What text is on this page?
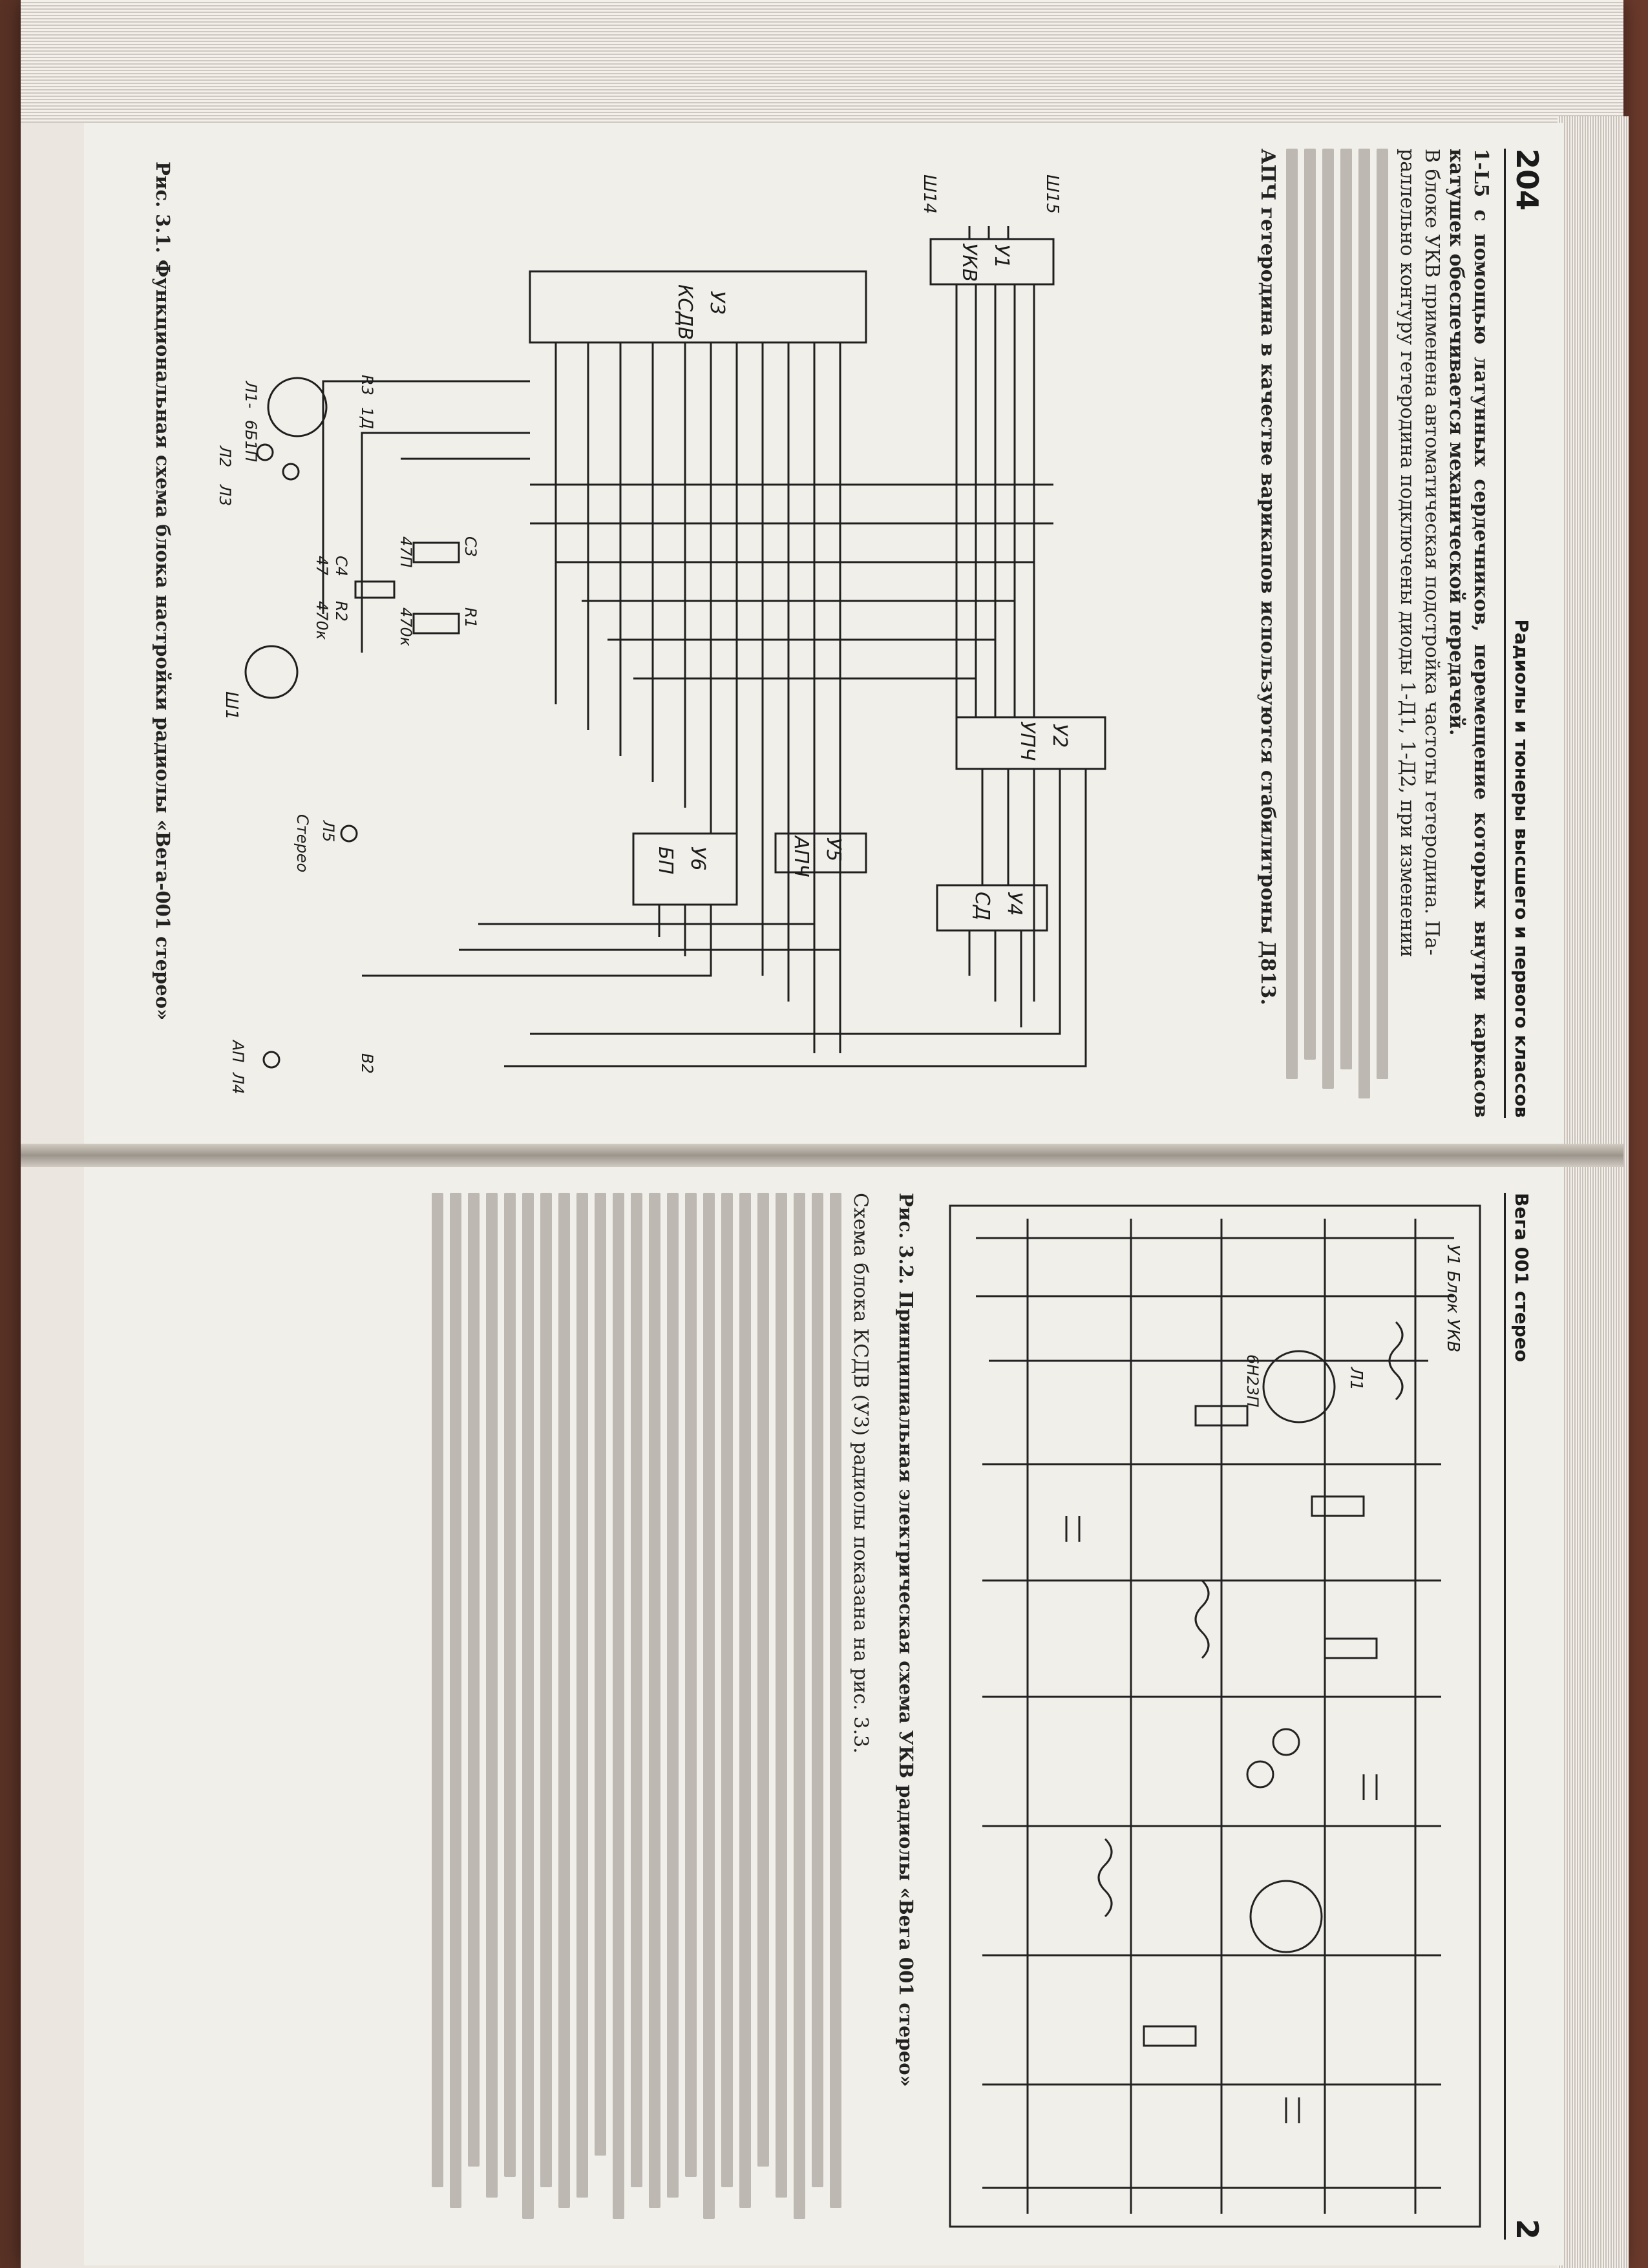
204
Радиолы и тюнеры высшего и первого классов
1-L5 с помощью латунных сердечников, перемещение которых внутри каркасов катушек обеспечивается механической передачей.
В блоке УКВ применена автоматическая подстройка частоты гетеродина. Па-
раллельно контуру гетеродина подключены диоды 1-Д1, 1-Д2, при изменении
АПЧ гетеродина в качестве варикапов используются стабилитроны Д813.
У1
УКВ
У3
КСДВ
У2
УПЧ
У4
СД
У5
АПЧ
У6
БП
Ш15
Ш14
Ш1
R3
1Д
Л1-
6Б1П
Л2
Л3
С3
47П
R1
470к
С4
47
R2
470к
Л5
Стерео
АП
Л4
В2
Рис. 3.1. Функциональная схема блока настройки радиолы «Вега-001 стерео»
Вега 001 стерео
2
У1 Блок УКВ
Л1
6Н23П
Рис. 3.2. Принципиальная электрическая схема УКВ радиолы «Вега 001 стерео»
Схема блока КСДВ (У3) радиолы показана на рис. 3.3.
